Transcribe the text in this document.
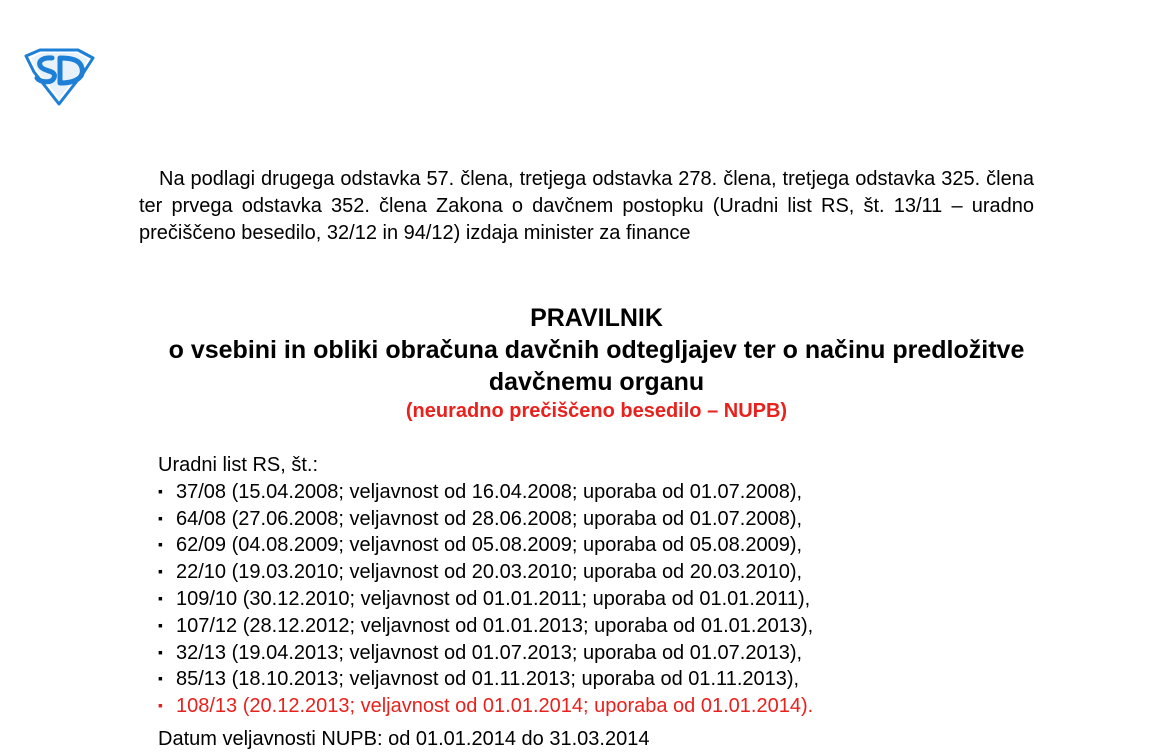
Na podlagi drugega odstavka 57. člena, tretjega odstavka 278. člena, tretjega odstavka 325. člena ter prvega odstavka 352. člena Zakona o davčnem postopku (Uradni list RS, št. 13/11 – uradno prečiščeno besedilo, 32/12 in 94/12) izdaja minister za finance

PRAVILNIK

o vsebini in obliki obračuna davčnih odtegljajev ter o načinu predložitve davčnemu organu

(neuradno prečiščeno besedilo – NUPB)

Uradni list RS, št.:

▪ 37/08 (15.04.2008; veljavnost od 16.04.2008; uporaba od 01.07.2008),
▪ 64/08 (27.06.2008; veljavnost od 28.06.2008; uporaba od 01.07.2008),
▪ 62/09 (04.08.2009; veljavnost od 05.08.2009; uporaba od 05.08.2009),
▪ 22/10 (19.03.2010; veljavnost od 20.03.2010; uporaba od 20.03.2010),
▪ 109/10 (30.12.2010; veljavnost od 01.01.2011; uporaba od 01.01.2011),
▪ 107/12 (28.12.2012; veljavnost od 01.01.2013; uporaba od 01.01.2013),
▪ 32/13 (19.04.2013; veljavnost od 01.07.2013; uporaba od 01.07.2013),
▪ 85/13 (18.10.2013; veljavnost od 01.11.2013; uporaba od 01.11.2013),
▪ 108/13 (20.12.2013; veljavnost od 01.01.2014; uporaba od 01.01.2014).

Datum veljavnosti NUPB: od 01.01.2014 do 31.03.2014
